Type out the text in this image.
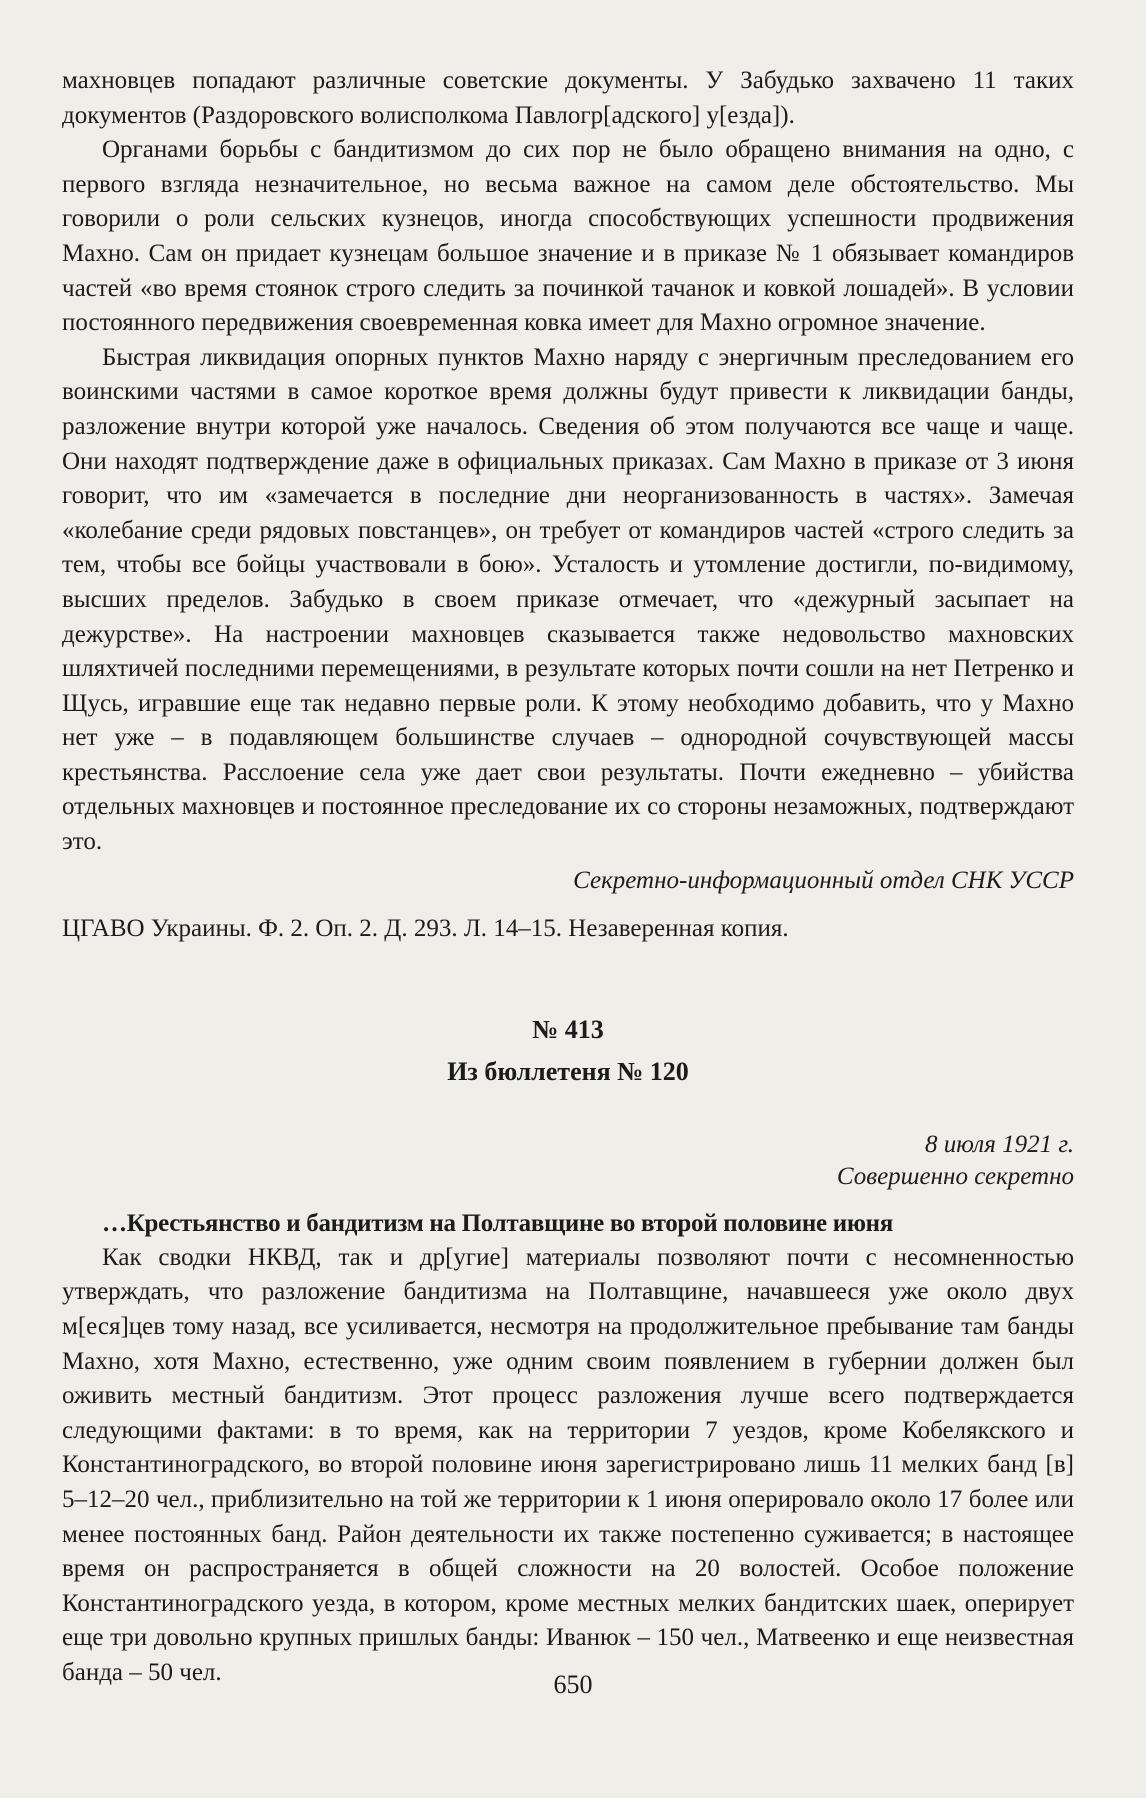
махновцев попадают различные советские документы. У Забудько захвачено 11 таких документов (Раздоровского волисполкома Павлогр[адского] у[езда]).

Органами борьбы с бандитизмом до сих пор не было обращено внимания на одно, с первого взгляда незначительное, но весьма важное на самом деле обстоятельство. Мы говорили о роли сельских кузнецов, иногда способствующих успешности продвижения Махно. Сам он придает кузнецам большое значение и в приказе № 1 обязывает командиров частей «во время стоянок строго следить за починкой тачанок и ковкой лошадей». В условии постоянного передвижения своевременная ковка имеет для Махно огромное значение.

Быстрая ликвидация опорных пунктов Махно наряду с энергичным преследованием его воинскими частями в самое короткое время должны будут привести к ликвидации банды, разложение внутри которой уже началось. Сведения об этом получаются все чаще и чаще. Они находят подтверждение даже в официальных приказах. Сам Махно в приказе от 3 июня говорит, что им «замечается в последние дни неорганизованность в частях». Замечая «колебание среди рядовых повстанцев», он требует от командиров частей «строго следить за тем, чтобы все бойцы участвовали в бою». Усталость и утомление достигли, по-видимому, высших пределов. Забудько в своем приказе отмечает, что «дежурный засыпает на дежурстве». На настроении махновцев сказывается также недовольство махновских шляхтичей последними перемещениями, в результате которых почти сошли на нет Петренко и Щусь, игравшие еще так недавно первые роли. К этому необходимо добавить, что у Махно нет уже – в подавляющем большинстве случаев – однородной сочувствующей массы крестьянства. Расслоение села уже дает свои результаты. Почти ежедневно – убийства отдельных махновцев и постоянное преследование их со стороны незаможных, подтверждают это.

Секретно-информационный отдел СНК УССР
ЦГАВО Украины. Ф. 2. Оп. 2. Д. 293. Л. 14–15. Незаверенная копия.
№ 413
Из бюллетеня № 120
8 июля 1921 г.
Совершенно секретно
…Крестьянство и бандитизм на Полтавщине во второй половине июня

Как сводки НКВД, так и др[угие] материалы позволяют почти с несомненностью утверждать, что разложение бандитизма на Полтавщине, начавшееся уже около двух м[еся]цев тому назад, все усиливается, несмотря на продолжительное пребывание там банды Махно, хотя Махно, естественно, уже одним своим появлением в губернии должен был оживить местный бандитизм. Этот процесс разложения лучше всего подтверждается следующими фактами: в то время, как на территории 7 уездов, кроме Кобелякского и Константиноградского, во второй половине июня зарегистрировано лишь 11 мелких банд [в] 5–12–20 чел., приблизительно на той же территории к 1 июня оперировало около 17 более или менее постоянных банд. Район деятельности их также постепенно суживается; в настоящее время он распространяется в общей сложности на 20 волостей. Особое положение Константиноградского уезда, в котором, кроме местных мелких бандитских шаек, оперирует еще три довольно крупных пришлых банды: Иванюк – 150 чел., Матвеенко и еще неизвестная банда – 50 чел.	650
